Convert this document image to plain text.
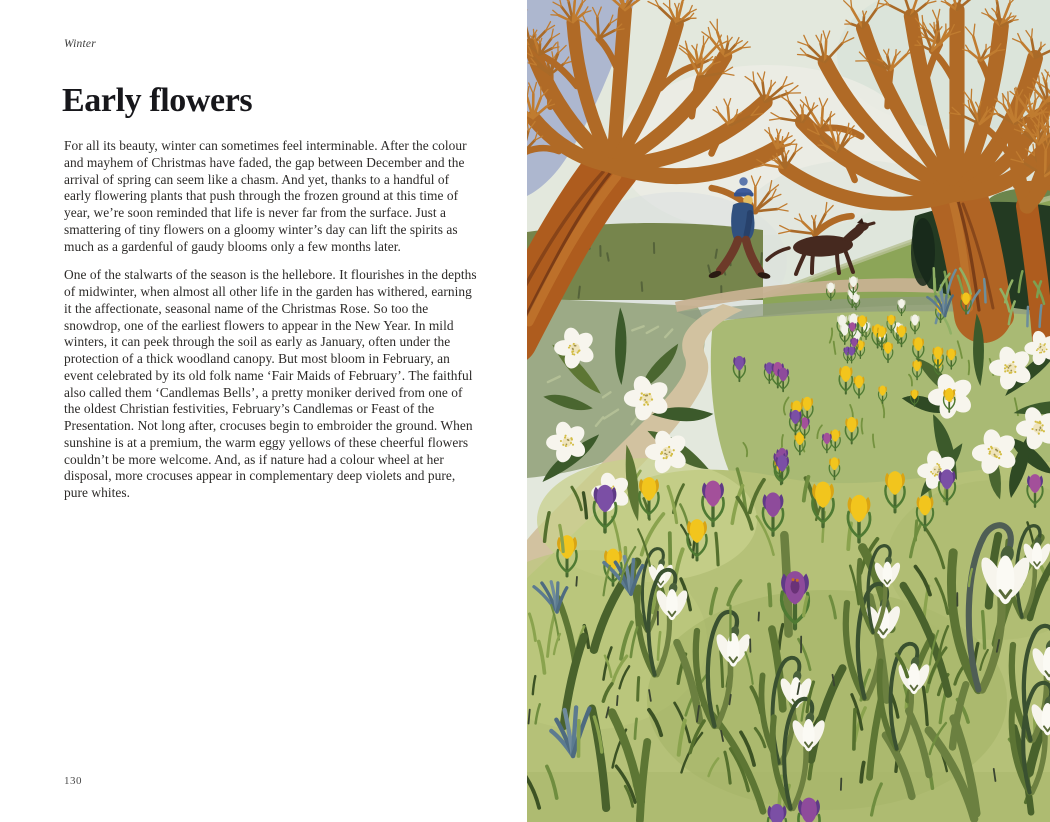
Winter
Early flowers

For all its beauty, winter can sometimes feel interminable. After the colour and mayhem of Christmas have faded, the gap between December and the arrival of spring can seem like a chasm. And yet, thanks to a handful of early flowering plants that push through the frozen ground at this time of year, we’re soon reminded that life is never far from the surface. Just a smattering of tiny flowers on a gloomy winter’s day can lift the spirits as much as a gardenful of gaudy blooms only a few months later.

One of the stalwarts of the season is the hellebore. It flourishes in the depths of midwinter, when almost all other life in the garden has withered, earning it the affectionate, seasonal name of the Christmas Rose. So too the snowdrop, one of the earliest flowers to appear in the New Year. In mild winters, it can peek through the soil as early as January, often under the protection of a thick woodland canopy. But most bloom in February, an event celebrated by its old folk name ‘Fair Maids of February’. The faithful also called them ‘Candlemas Bells’, a pretty moniker derived from one of the oldest Christian festivities, February’s Candlemas or Feast of the Presentation. Not long after, crocuses begin to embroider the ground. When sunshine is at a premium, the warm eggy yellows of these cheerful flowers couldn’t be more welcome. And, as if nature had a colour wheel at her disposal, more crocuses appear in complementary deep violets and pure, pure whites.

130
